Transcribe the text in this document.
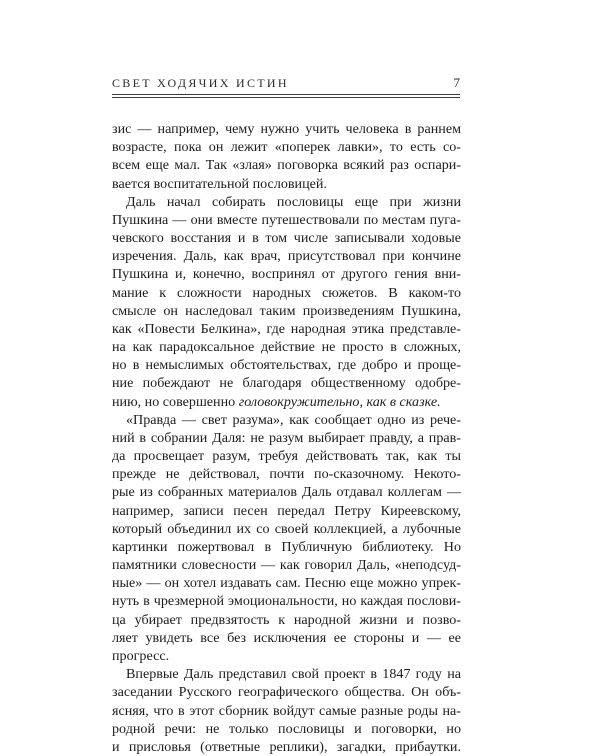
СВЕТ ХОДЯЧИХ ИСТИН	7
зис — например, чему нужно учить человека в раннем
возрасте, пока он лежит «поперек лавки», то есть со-
всем еще мал. Так «злая» поговорка всякий раз оспари-
вается воспитательной пословицей.
Даль начал собирать пословицы еще при жизни
Пушкина — они вместе путешествовали по местам пуга-
чевского восстания и в том числе записывали ходовые
изречения. Даль, как врач, присутствовал при кончине
Пушкина и, конечно, воспринял от другого гения вни-
мание к сложности народных сюжетов. В каком-то
смысле он наследовал таким произведениям Пушкина,
как «Повести Белкина», где народная этика представле-
на как парадоксальное действие не просто в сложных,
но в немыслимых обстоятельствах, где добро и проще-
ние побеждают не благодаря общественному одобре-
нию, но совершенно головокружительно, как в сказке.
«Правда — свет разума», как сообщает одно из рече-
ний в собрании Даля: не разум выбирает правду, а прав-
да просвещает разум, требуя действовать так, как ты
прежде не действовал, почти по-сказочному. Некото-
рые из собранных материалов Даль отдавал коллегам —
например, записи песен передал Петру Киреевскому,
который объединил их со своей коллекцией, а лубочные
картинки пожертвовал в Публичную библиотеку. Но
памятники словесности — как говорил Даль, «неподсуд-
ные» — он хотел издавать сам. Песню еще можно упрек-
нуть в чрезмерной эмоциональности, но каждая послови-
ца убирает предвзятость к народной жизни и позво-
ляет увидеть все без исключения ее стороны и — ее
прогресс.
Впервые Даль представил свой проект в 1847 году на
заседании Русского географического общества. Он объ-
ясняя, что в этот сборник войдут самые разные роды на-
родной речи: не только пословицы и поговорки, но
и присловья (ответные реплики), загадки, прибаутки.
